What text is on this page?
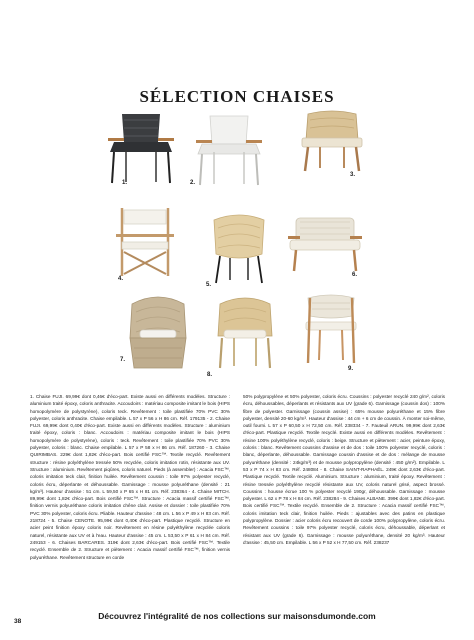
SÉLECTION CHAISES
1.	2.
3.
4.
5.
6.
7.
8.
9.

1. Chaise FUJI. 69,99€ dont 0,46€ d'éco-part. Existe aussi en différents modèles. Structure : aluminium traité époxy, coloris anthracite. Accoudoirs : matériau composite imitant le bois (HIPS homopolymère de polystyrène), coloris teck. Revêtement : toile plastifiée 70% PVC 30% polyester, coloris anthracite. Chaise empilable. L 57 x P 56 x H 86 cm. Réf. 179135 - 2. Chaise FUJI. 69,99€ dont 0,40€ d'éco-part. Existe aussi en différents modèles. Structure : aluminium traité époxy, coloris : blanc. Accoudoirs : matériau composite imitant le bois (HIPS homopolymère de polystyrène), coloris : teck. Revêtement : toile plastifiée 70% PVC 30% polyester, coloris : blanc. Chaise empilable. L 57 x P 58 x H 86 cm. Réf. 187260 - 3. Chaise QUIRIMBAS. 229€ dont 1,82€ d'éco-part. Bois certifié FSC™. Textile recyclé. Revêtement structure : résine polyéthylène tressée 50% recyclée, coloris imitation rotin, résistante aux UV. Structure : aluminium. Revêtement piqûres, coloris naturel. Pieds (à assembler) : Acacia FSC™, coloris imitation teck clair, finition huilée. Revêtement coussin : toile 97% polyester recyclé, coloris écru, déperlante et déhoussable. Garnissage : mousse polyuréthane (densité : 21 kg/m³). Hauteur d'assise : 51 cm. L 59,50 x P 65 x H 81 cm. Réf. 238364 - 4. Chaise MITCH. 89,99€ dont 1,82€ d'éco-part. Bois certifié FSC™. Structure : Acacia massif certifié FSC™, finition vernis polyuréthane coloris imitation chêne clair. Assise et dossier : toile plastifiée 70% PVC 30% polyester, coloris écru. Pliable. Hauteur d'assise : 48 cm. L 56 x P 49 x H 83 cm. Réf. 218724 - 5. Chaise CENOTE. 95,99€ dont 0,40€ d'éco-part. Plastique recyclé. Structure en acier peint finition époxy coloris noir. Revêtement en résine polyéthylène recyclée coloris naturel, résistante aux UV et à l'eau. Hauteur d'assise : 45 cm. L 53,50 x P 61 x H 84 cm. Réf. 249153 - 6. Chaises BARCARES. 319€ dont 2,63€ d'éco-part. Bois certifié FSC™. Textile recyclé. Ensemble de 2. Structure et piètement : Acacia massif certifié FSC™, finition vernis polyuréthane. Revêtement structure en corde

50% polypropylène et 50% polyester, coloris écru. Coussins : polyester recyclé 240 g/m², coloris écru, déhoussables, déperlants et résistants aux UV (grade 6). Garnissage (coussin dos) : 100% fibre de polyester. Garnissage (coussin assise) : 65% mousse polyuréthane et 15% fibre polyester, densité 20-60 kg/m³. Hauteur d'assise : 44 cm + 6 cm de coussin. À monter soi-même, outil fourni. L 57 x P 60,50 x H 72,50 cm. Réf. 238334 - 7. Fauteuil ARUN. 99,99€ dont 2,63€ d'éco-part. Plastique recyclé. Textile recyclé. Existe aussi en différents modèles. Revêtement : résine 100% polyéthylène recyclé, coloris : beige. Structure et piètement : acier, peinture époxy, coloris : blanc. Revêtement coussins d'assise et de dos : toile 100% polyester recyclé, coloris : blanc, déperlante, déhoussable. Garnissage coussin d'assise et de dos : mélange de mousse polyuréthane (densité : 24kg/m³) et de mousse polypropylène (densité : 450 g/m²). Empilable. L 53 x P 74 x H 83 cm. Réf. 248084 - 8. Chaise SAINT-RAPHAËL. 249€ dont 2,63€ d'éco-part. Plastique recyclé. Textile recyclé. Aluminium. Structure : aluminium, traité époxy. Revêtement : résine tressée polyéthylène recyclé résistante aux UV, coloris naturel grisé, aspect brossé. Coussins : housse écrue 100 % polyester recyclé 190gr, déhoussable. Garnissage : mousse polyester. L 62 x P 78 x H 84 cm. Réf. 238284 - 9. Chaises ALBANE. 399€ dont 1,82€ d'éco-part. Bois certifié FSC™. Textile recyclé. Ensemble de 2. Structure : Acacia massif certifié FSC™, coloris imitation teck clair, finition huilée. Pieds : ajustables avec des patins en plastique polypropylène. Dossier : acier coloris écru recouvert de corde 100% polypropylène, coloris écru. Revêtement coussins : toile 97% polyester recyclé, coloris écru, déhoussable, déperlant et résistant aux UV (grade 6). Garnissage : mousse polyuréthane, densité 20 kg/m³. Hauteur d'assise : 45,50 cm. Empilable. L 56 x P 52 x H 77,50 cm. Réf. 238237

38
Découvrez l'intégralité de nos collections sur maisonsdumonde.com
